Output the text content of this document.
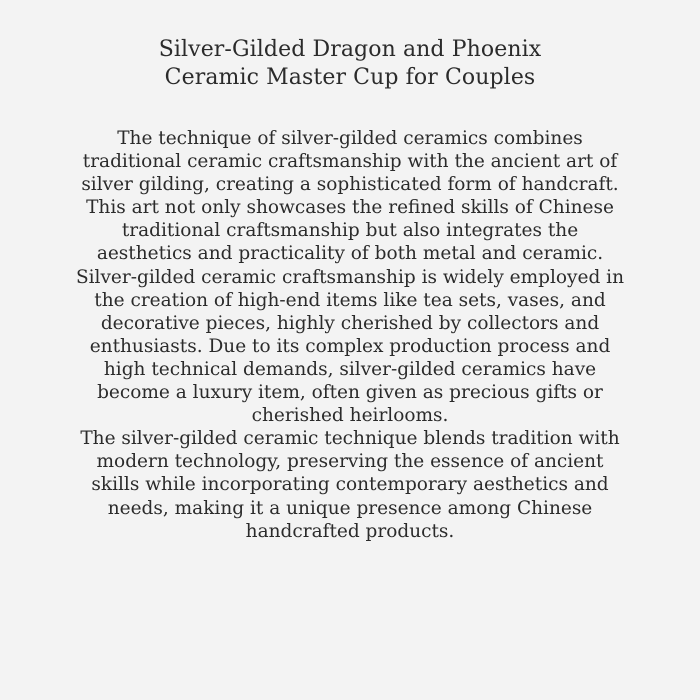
Silver-Gilded Dragon and Phoenix
Ceramic Master Cup for Couples
The technique of silver-gilded ceramics combines
traditional ceramic craftsmanship with the ancient art of
silver gilding, creating a sophisticated form of handcraft.
This art not only showcases the refined skills of Chinese
traditional craftsmanship but also integrates the
aesthetics and practicality of both metal and ceramic.
Silver-gilded ceramic craftsmanship is widely employed in
the creation of high-end items like tea sets, vases, and
decorative pieces, highly cherished by collectors and
enthusiasts. Due to its complex production process and
high technical demands, silver-gilded ceramics have
become a luxury item, often given as precious gifts or
cherished heirlooms.
The silver-gilded ceramic technique blends tradition with
modern technology, preserving the essence of ancient
skills while incorporating contemporary aesthetics and
needs, making it a unique presence among Chinese
handcrafted products.
